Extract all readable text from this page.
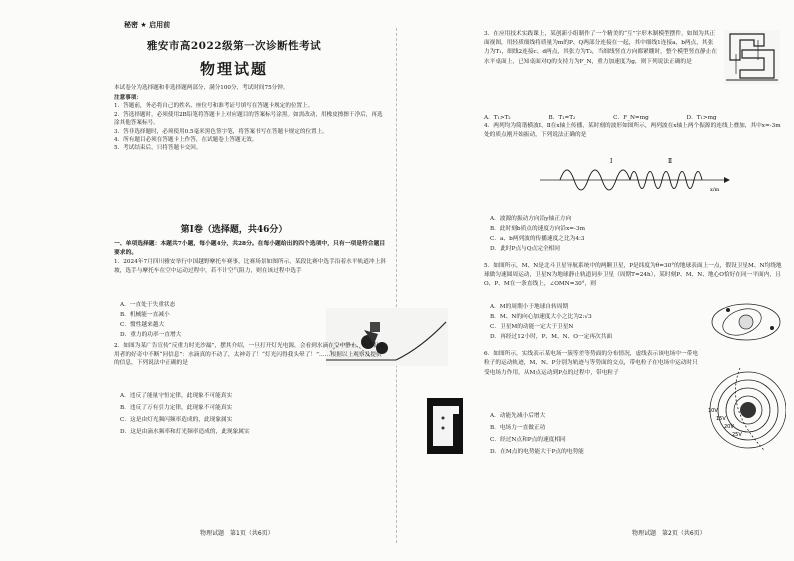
秘密 ★ 启用前
雅安市高2022级第一次诊断性考试
物理试题
本试卷分为选择题和非选择题两部分，满分100分，考试时间75分钟。

注意事项：

1．答题前，务必将自己的姓名、座位号和准考证号填写在答题卡规定的位置上。

2．答选择题时，必须使用2B铅笔将答题卡上对应题目的答案标号涂黑。如需改动，用橡皮擦擦干净后，再选涂其他答案标号。

3．答非选择题时，必须使用0.5毫米黑色签字笔，将答案书写在答题卡规定的位置上。

4．所有题目必须在答题卡上作答，在试题卷上答题无效。

5．考试结束后，只将答题卡交回。

第Ⅰ卷（选择题，共46分）
一、单项选择题：本题共7小题，每小题4分，共28分。在每小题给出的四个选项中，只有一项是符合题目要求的。

1．2024年7月四川雅安举行中国越野摩托车赛事，比赛场景如图所示，某段比赛中选手沿着水平轨道冲上斜坡，选手与摩托车在空中运动过程中，若不计空气阻力，则在该过程中选手

A．一直处于失重状态

B．机械能一直减小

C．惯性越来越大

D．重力的功率一直增大

2．如图为某广告宣传“反重力时光沙漏”，摆其介绍，一旦打开灯光电源，会看到水滴在空中静止，在产品使用者的好奇中不断“问信息”：水滴真的不动了，太神奇了！“灯光闪得我头晕了！”……根据以上观察及提供的信息，下列说法中正确的是

A．违反了能量守恒定律，此现象不可能真实

B．违反了万有引力定律，此现象不可能真实

C．这是由灯光频闪频率造成的，此现象属实

D．这是由滴水频率和灯光频率造成的，此现象属实

物理试题　第1页（共6页）

3．在应用技术实践课上，某创新小组制作了一个精美的“互”字形木制模型摆件，如图为其正面视图，用轻质细线将质量为m的P、Q两部分连接在一起，其中细线1连接a、b两点，其张力为T₁，细线2连接c、d两点，其张力为T₂，当细线竖直方向都紧绷时，整个模型竖直静止在水平桌面上，已知桌面对Q的支持力为F_N，重力加速度为g，则下列说法正确的是

A．T₁>T₂	B．T₁=T₂	C．F_N=mg	D．T₁>mg

4．两列均为简谐横波Ⅰ、Ⅱ在x轴上传播，某时刻的波形如图所示，两列波在x轴上两个振源的连线上叠加，其中x=-3m处的质点刚开始振动，下列说法正确的是

Ⅰ	Ⅱ
x/m

A．波源的振动方向沿y轴正方向

B．此时刻b质点的速度方向沿x=-3m

C．a、b两列波的传播速度之比为4:3

D．此时P点与Q点完全相同

5．如图所示，M、N是北斗卫星导航系统中的两颗卫星，P是纬度为θ=30°的地球表面上一点，假设卫星M、N均绕地球做匀速圆周运动，卫星N为地球静止轨道同步卫星（周期T=24h），某时刻P、M、N、地心O恰好在同一平面内，且O、P、M在一条直线上，∠OMN=30°，则

A．M的周期小于地球自转周期

B．M、N的向心加速度大小之比为2:√3

C．卫星M的动能一定大于卫星N

D．再经过12小时，P、M、N、O一定再次共面

6．如图所示，实线表示某电场一簇等差等势面的分布情况，虚线表示该电场中一带电粒子的运动轨迹，M、N、P分别为轨迹与等势面的交点，带电粒子在电场中运动时只受电场力作用，从M点运动到P点的过程中，带电粒子

A．动能先减小后增大

B．电场力一直做正功

C．经过N点和P点的速度相同

D．在M点的电势能大于P点的电势能

10V
15V
20V
25V
物理试题　第2页（共6页）
